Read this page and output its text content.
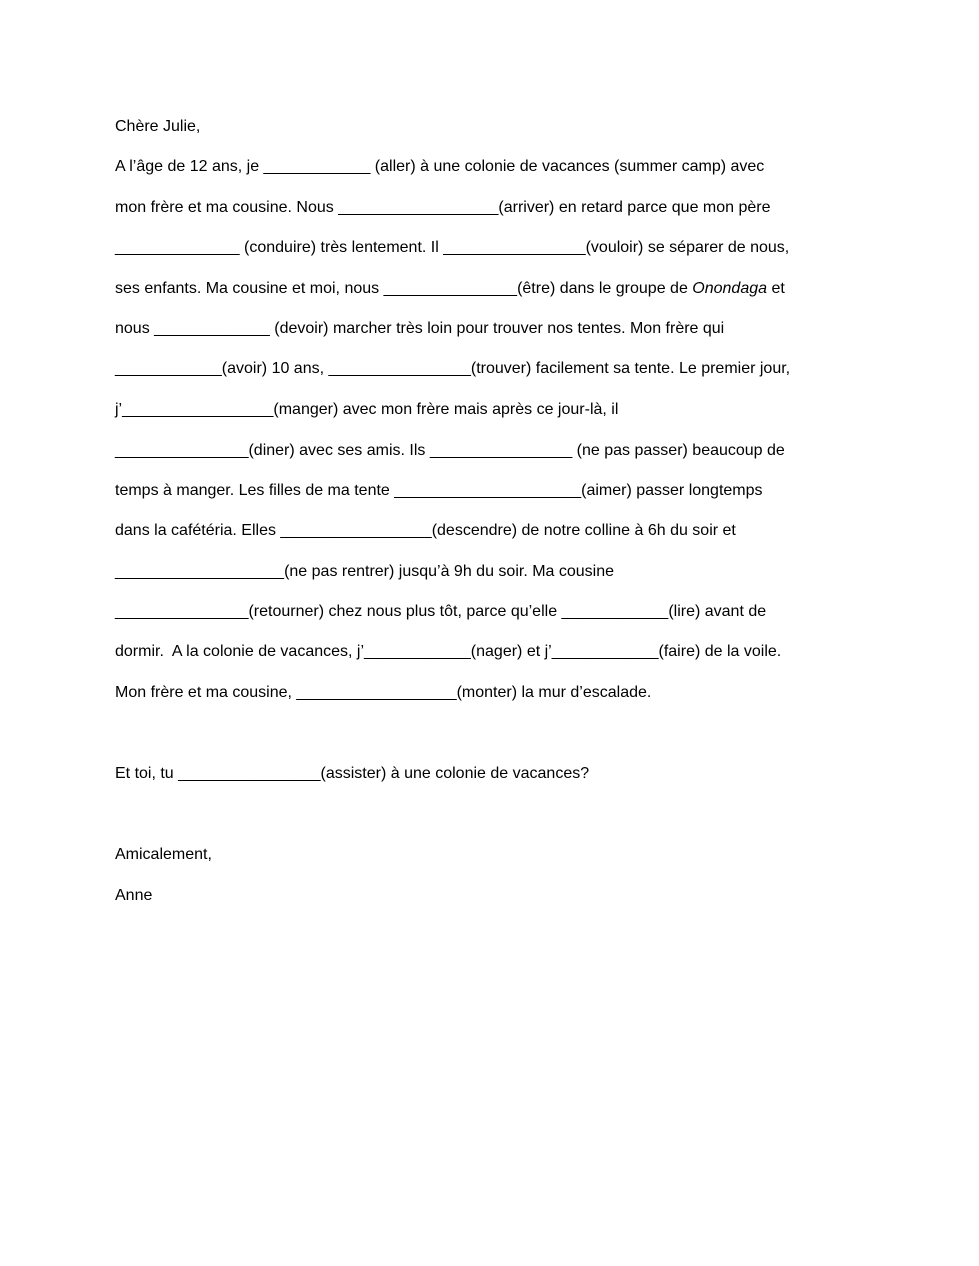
Chère Julie,

A l’âge de 12 ans, je ____________ (aller) à une colonie de vacances (summer camp) avec

mon frère et ma cousine. Nous __________________(arriver) en retard parce que mon père

______________ (conduire) très lentement. Il ________________(vouloir) se séparer de nous,

ses enfants. Ma cousine et moi, nous _______________(être) dans le groupe de Onondaga et

nous _____________ (devoir) marcher très loin pour trouver nos tentes. Mon frère qui

____________(avoir) 10 ans, ________________(trouver) facilement sa tente. Le premier jour,

j’_________________(manger) avec mon frère mais après ce jour-là, il

_______________(diner) avec ses amis. Ils ________________ (ne pas passer) beaucoup de

temps à manger. Les filles de ma tente _____________________(aimer) passer longtemps

dans la cafétéria. Elles _________________(descendre) de notre colline à 6h du soir et

___________________(ne pas rentrer) jusqu’à 9h du soir. Ma cousine

_______________(retourner) chez nous plus tôt, parce qu’elle ____________(lire) avant de

dormir.  A la colonie de vacances, j’____________(nager) et j’____________(faire) de la voile.

Mon frère et ma cousine, __________________(monter) la mur d’escalade.

Et toi, tu ________________(assister) à une colonie de vacances?

Amicalement,

Anne
